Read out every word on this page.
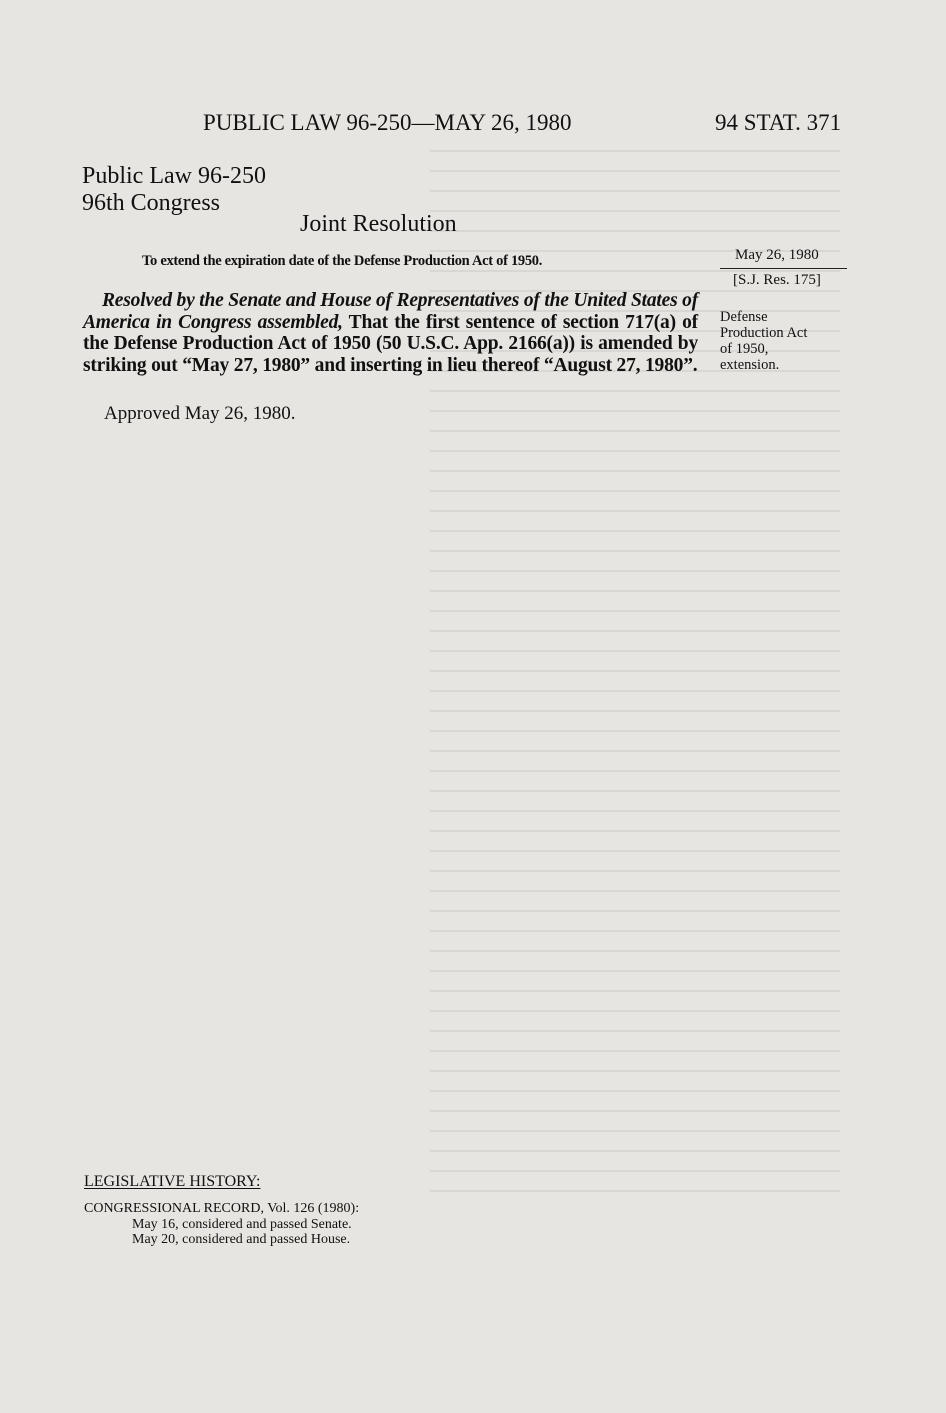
PUBLIC LAW 96-250—MAY 26, 1980	94 STAT. 371
Public Law 96-250
96th Congress
Joint Resolution
To extend the expiration date of the Defense Production Act of 1950.
Resolved by the Senate and House of Representatives of the United States of America in Congress assembled, That the first sentence of section 717(a) of the Defense Production Act of 1950 (50 U.S.C. App. 2166(a)) is amended by striking out “May 27, 1980” and inserting in lieu thereof “August 27, 1980”.
Approved May 26, 1980.
May 26, 1980
[S.J. Res. 175]
Defense
Production Act
of 1950,
extension.
LEGISLATIVE HISTORY:
CONGRESSIONAL RECORD, Vol. 126 (1980):
May 16, considered and passed Senate.
May 20, considered and passed House.
